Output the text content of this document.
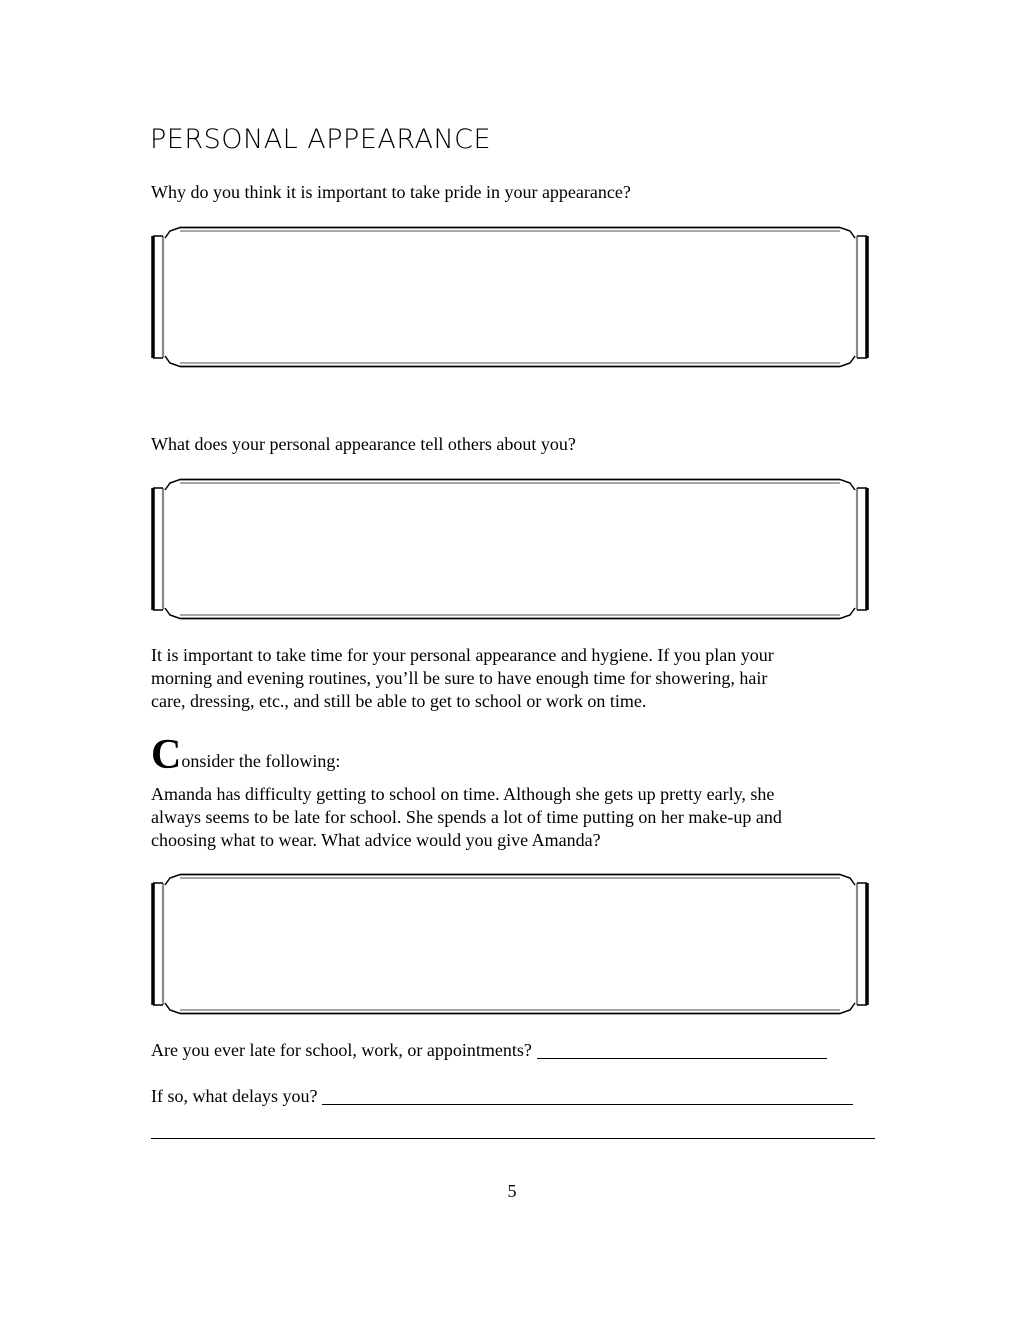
PERSONAL APPEARANCE
Why do you think it is important to take pride in your appearance?
What does your personal appearance tell others about you?
It is important to take time for your personal appearance and hygiene. If you plan your
morning and evening routines, you’ll be sure to have enough time for showering, hair
care, dressing, etc., and still be able to get to school or work on time.
Consider the following:
Amanda has difficulty getting to school on time. Although she gets up pretty early, she
always seems to be late for school. She spends a lot of time putting on her make-up and
choosing what to wear. What advice would you give Amanda?
Are you ever late for school, work, or appointments?
If so, what delays you?
5
